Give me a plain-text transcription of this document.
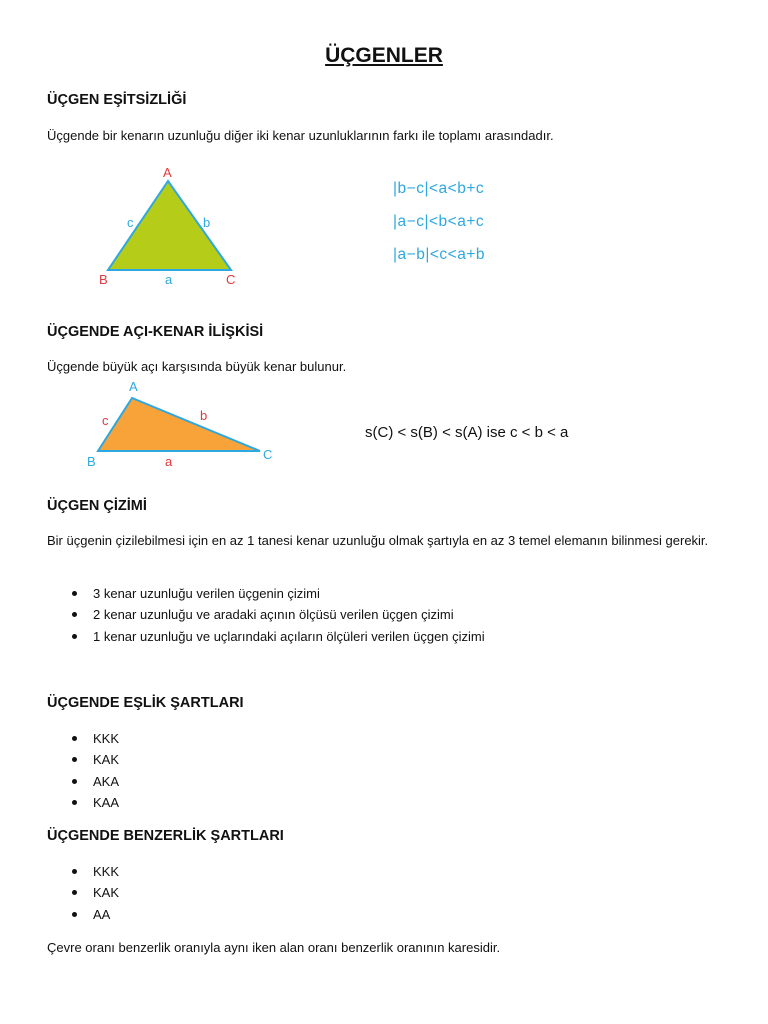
ÜÇGENLER
ÜÇGEN EŞİTSİZLİĞİ
Üçgende bir kenarın uzunluğu diğer iki kenar uzunluklarının farkı ile toplamı arasındadır.
A
B	C
a
b
c
|b−c|<a<b+c
|a−c|<b<a+c
|a−b|<c<a+b
ÜÇGENDE AÇI-KENAR İLİŞKİSİ
Üçgende büyük açı karşısında büyük kenar bulunur.
A
B	C
a
b
c
s(C) < s(B) < s(A) ise c < b < a
ÜÇGEN ÇİZİMİ
Bir üçgenin çizilebilmesi için en az 1 tanesi kenar uzunluğu olmak şartıyla en az 3 temel elemanın bilinmesi gerekir.
3 kenar uzunluğu verilen üçgenin çizimi
2 kenar uzunluğu ve aradaki açının ölçüsü verilen üçgen çizimi
1 kenar uzunluğu ve uçlarındaki açıların ölçüleri verilen üçgen çizimi
ÜÇGENDE EŞLİK ŞARTLARI
KKK
KAK
AKA
KAA
ÜÇGENDE BENZERLİK ŞARTLARI
KKK
KAK
AA
Çevre oranı benzerlik oranıyla aynı iken alan oranı benzerlik oranının karesidir.
